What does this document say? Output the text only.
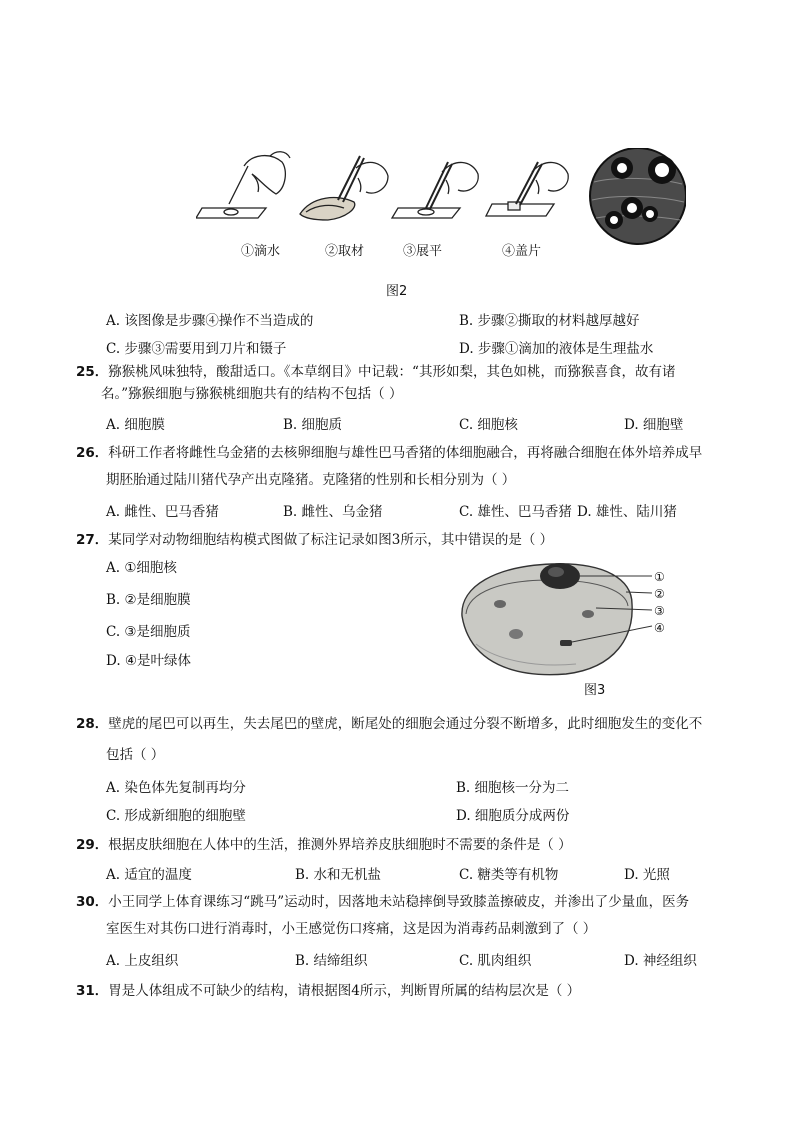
①滴水	②取材	③展平	④盖片
图2
A. 该图像是步骤④操作不当造成的	B. 步骤②撕取的材料越厚越好
C. 步骤③需要用到刀片和镊子	D. 步骤①滴加的液体是生理盐水
25．猕猴桃风味独特，酸甜适口。《本草纲目》中记载：“其形如梨，其色如桃，而猕猴喜食，故有诸
名。”猕猴细胞与猕猴桃细胞共有的结构不包括（ ）
A. 细胞膜	B. 细胞质	C. 细胞核	D. 细胞壁
26．科研工作者将雌性乌金猪的去核卵细胞与雄性巴马香猪的体细胞融合，再将融合细胞在体外培养成早
期胚胎通过陆川猪代孕产出克隆猪。克隆猪的性别和长相分别为（ ）
A. 雌性、巴马香猪	B. 雌性、乌金猪	C. 雄性、巴马香猪 D. 雄性、陆川猪
27．某同学对动物细胞结构模式图做了标注记录如图3所示，其中错误的是（ ）
A. ①细胞核
B. ②是细胞膜
C. ③是细胞质
D. ④是叶绿体
①
②
③
④
图3
28．壁虎的尾巴可以再生，失去尾巴的壁虎，断尾处的细胞会通过分裂不断增多，此时细胞发生的变化不
包括（ ）
A. 染色体先复制再均分	B. 细胞核一分为二
C. 形成新细胞的细胞壁	D. 细胞质分成两份
29．根据皮肤细胞在人体中的生活，推测外界培养皮肤细胞时不需要的条件是（ ）
A. 适宜的温度	B. 水和无机盐	C. 糖类等有机物	D. 光照
30．小王同学上体育课练习“跳马”运动时，因落地未站稳摔倒导致膝盖擦破皮，并渗出了少量血，医务
室医生对其伤口进行消毒时，小王感觉伤口疼痛，这是因为消毒药品刺激到了（ ）
A. 上皮组织	B. 结缔组织	C. 肌肉组织	D. 神经组织
31．胃是人体组成不可缺少的结构，请根据图4所示，判断胃所属的结构层次是（ ）
